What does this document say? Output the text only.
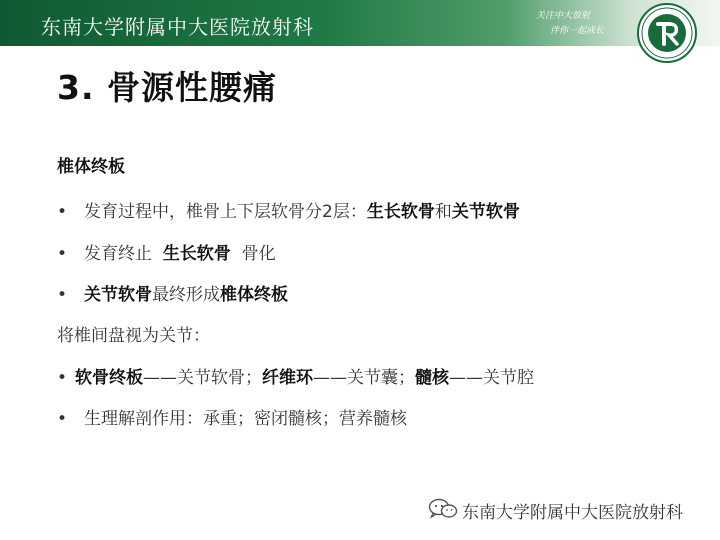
东南大学附属中大医院放射科	关注中大放射
伴你一起成长
3. 骨源性腰痛
椎体终板
• 发育过程中，椎骨上下层软骨分2层：生长软骨和关节软骨
• 发育终止  生长软骨  骨化
• 关节软骨最终形成椎体终板
将椎间盘视为关节：
• 软骨终板——关节软骨；纤维环——关节囊；髓核——关节腔
• 生理解剖作用：承重；密闭髓核；营养髓核
东南大学附属中大医院放射科
